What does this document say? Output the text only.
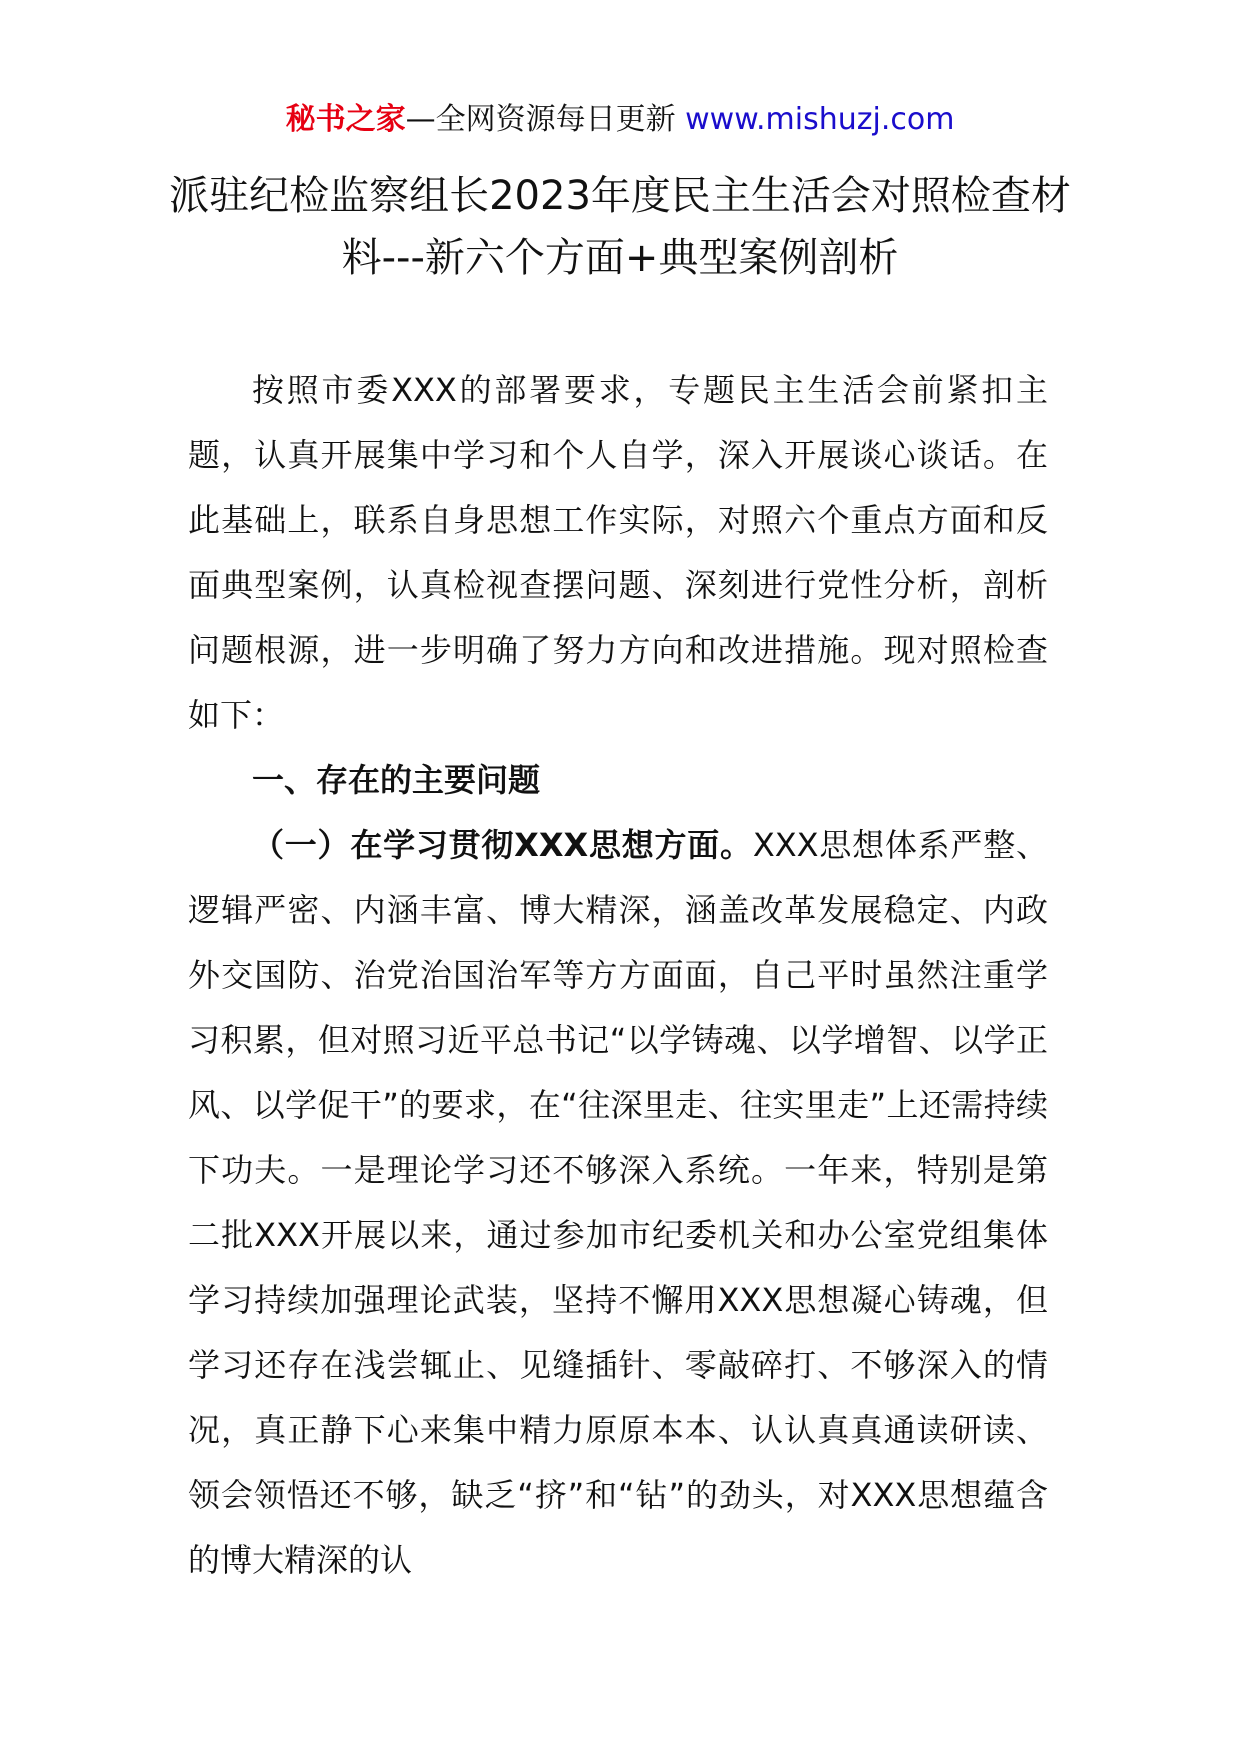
秘书之家—全网资源每日更新 www.mishuzj.com
派驻纪检监察组长2023年度民主生活会对照检查材料---新六个方面+典型案例剖析

按照市委XXX的部署要求，专题民主生活会前紧扣主题，认真开展集中学习和个人自学，深入开展谈心谈话。在此基础上，联系自身思想工作实际，对照六个重点方面和反面典型案例，认真检视查摆问题、深刻进行党性分析，剖析问题根源，进一步明确了努力方向和改进措施。现对照检查如下：

一、存在的主要问题

（一）在学习贯彻XXX思想方面。XXX思想体系严整、逻辑严密、内涵丰富、博大精深，涵盖改革发展稳定、内政外交国防、治党治国治军等方方面面，自己平时虽然注重学习积累，但对照习近平总书记“以学铸魂、以学增智、以学正风、以学促干”的要求，在“往深里走、往实里走”上还需持续下功夫。一是理论学习还不够深入系统。一年来，特别是第二批XXX开展以来，通过参加市纪委机关和办公室党组集体学习持续加强理论武装，坚持不懈用XXX思想凝心铸魂，但学习还存在浅尝辄止、见缝插针、零敲碎打、不够深入的情况，真正静下心来集中精力原原本本、认认真真通读研读、领会领悟还不够，缺乏“挤”和“钻”的劲头，对XXX思想蕴含的博大精深的认
